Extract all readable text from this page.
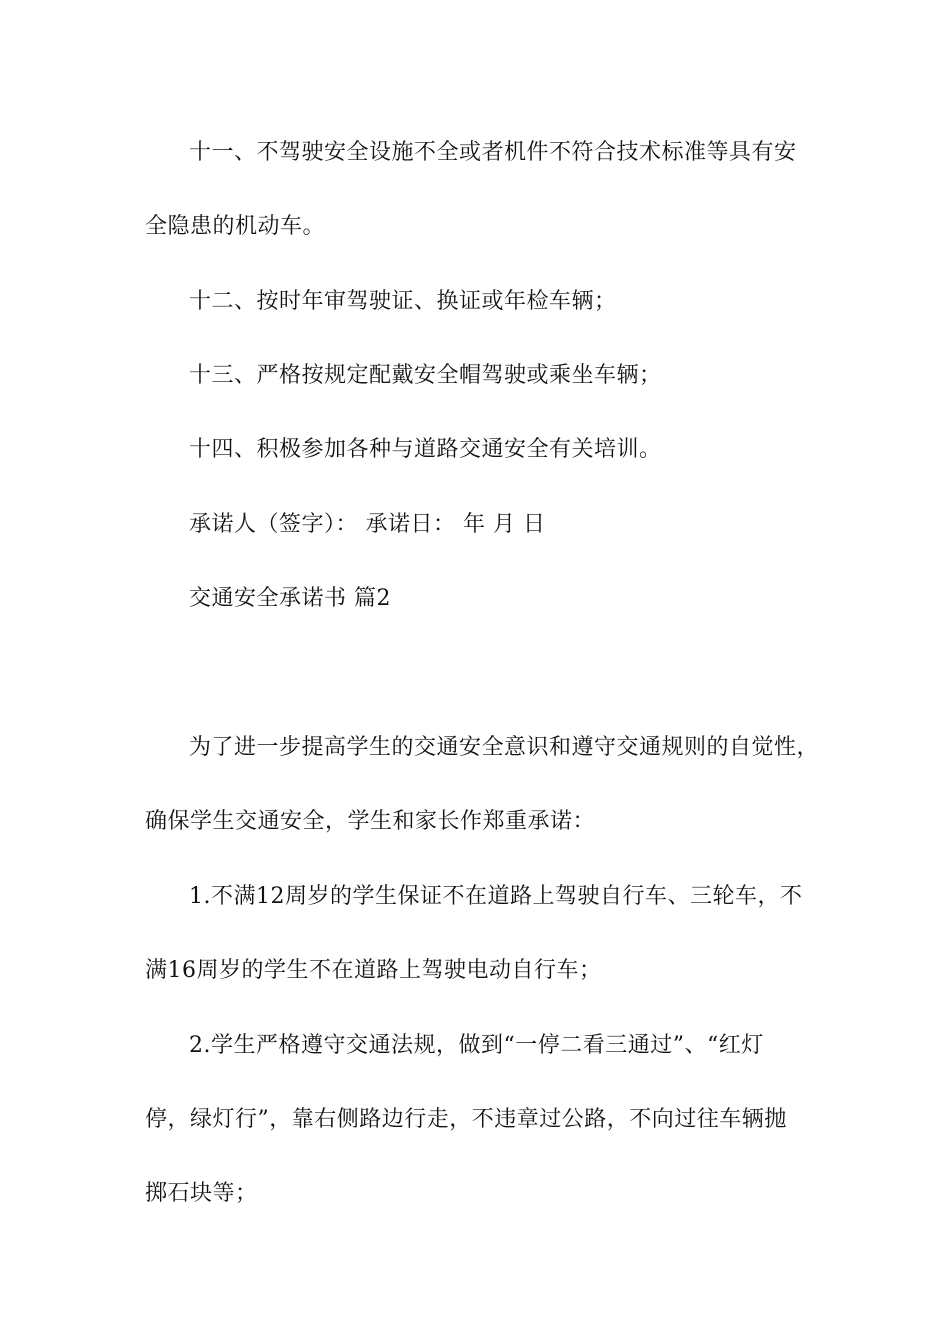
十一、不驾驶安全设施不全或者机件不符合技术标准等具有安
全隐患的机动车。
十二、按时年审驾驶证、换证或年检车辆；
十三、严格按规定配戴安全帽驾驶或乘坐车辆；
十四、积极参加各种与道路交通安全有关培训。
承诺人（签字）： 承诺日： 年 月 日
交通安全承诺书 篇2
为了进一步提高学生的交通安全意识和遵守交通规则的自觉性，
确保学生交通安全，学生和家长作郑重承诺：
1.不满12周岁的学生保证不在道路上驾驶自行车、三轮车，不
满16周岁的学生不在道路上驾驶电动自行车；
2.学生严格遵守交通法规，做到“一停二看三通过”、“红灯
停，绿灯行”，靠右侧路边行走，不违章过公路，不向过往车辆抛
掷石块等；
